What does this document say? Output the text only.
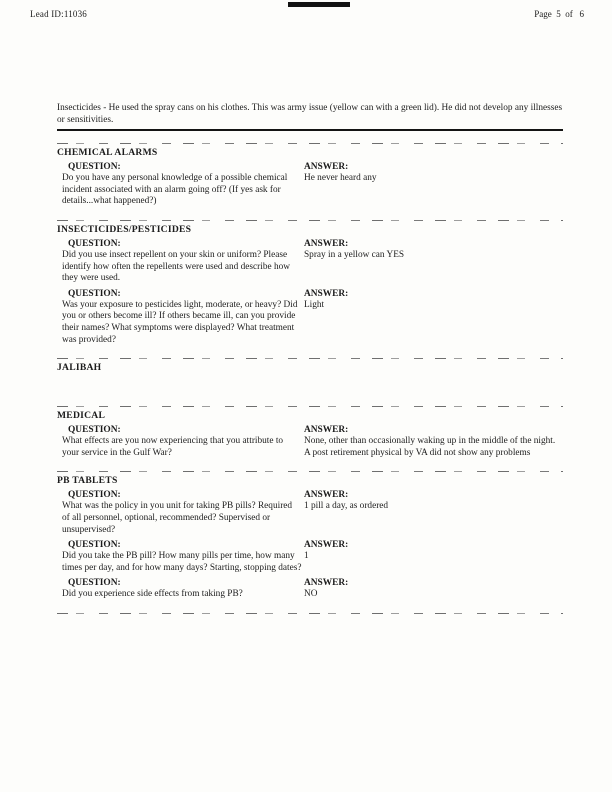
Lead ID:11036	Page  5  of   6

Insecticides - He used the spray cans on his clothes. This was army issue (yellow can with a green lid). He did not develop any illnesses or sensitivities.

CHEMICAL ALARMS
QUESTION:
Do you have any personal knowledge of a possible chemical incident associated with an alarm going off? (If yes ask for details...what happened?)
ANSWER:
He never heard any
INSECTICIDES/PESTICIDES
QUESTION:
Did you use insect repellent on your skin or uniform? Please identify how often the repellents were used and describe how they were used.
ANSWER:
Spray in a yellow can YES
QUESTION:
Was your exposure to pesticides light, moderate, or heavy? Did you or others become ill? If others became ill, can you provide their names? What symptoms were displayed? What treatment was provided?
ANSWER:
Light
JALIBAH
MEDICAL
QUESTION:
What effects are you now experiencing that you attribute to your service in the Gulf War?
ANSWER:
None, other than occasionally waking up in the middle of the night. A post retirement physical by VA did not show any problems
PB TABLETS
QUESTION:
What was the policy in you unit for taking PB pills? Required of all personnel, optional, recommended? Supervised or unsupervised?
ANSWER:
1 pill a day, as ordered
QUESTION:
Did you take the PB pill? How many pills per time, how many times per day, and for how many days? Starting, stopping dates?
ANSWER:
1
QUESTION:
Did you experience side effects from taking PB?
ANSWER:
NO
